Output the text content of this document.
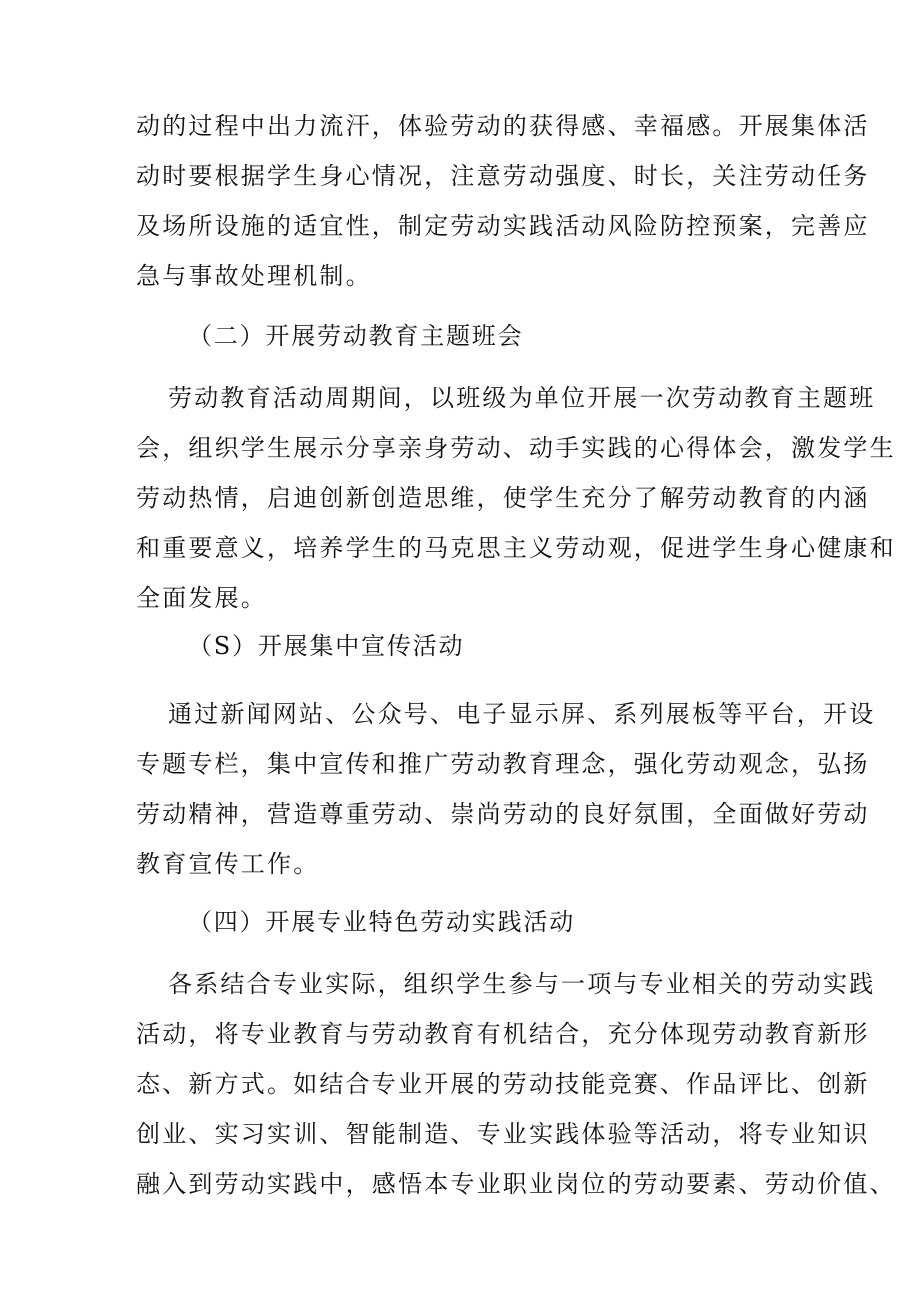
动的过程中出力流汗，体验劳动的获得感、幸福感。开展集体活
动时要根据学生身心情况，注意劳动强度、时长，关注劳动任务
及场所设施的适宜性，制定劳动实践活动风险防控预案，完善应
急与事故处理机制。
（二）开展劳动教育主题班会
劳动教育活动周期间，以班级为单位开展一次劳动教育主题班
会，组织学生展示分享亲身劳动、动手实践的心得体会，激发学生
劳动热情，启迪创新创造思维，使学生充分了解劳动教育的内涵
和重要意义，培养学生的马克思主义劳动观，促进学生身心健康和
全面发展。
（S）开展集中宣传活动
通过新闻网站、公众号、电子显示屏、系列展板等平台，开设
专题专栏，集中宣传和推广劳动教育理念，强化劳动观念，弘扬
劳动精神，营造尊重劳动、崇尚劳动的良好氛围，全面做好劳动
教育宣传工作。
（四）开展专业特色劳动实践活动
各系结合专业实际，组织学生参与一项与专业相关的劳动实践
活动，将专业教育与劳动教育有机结合，充分体现劳动教育新形
态、新方式。如结合专业开展的劳动技能竞赛、作品评比、创新
创业、实习实训、智能制造、专业实践体验等活动，将专业知识
融入到劳动实践中，感悟本专业职业岗位的劳动要素、劳动价值、
